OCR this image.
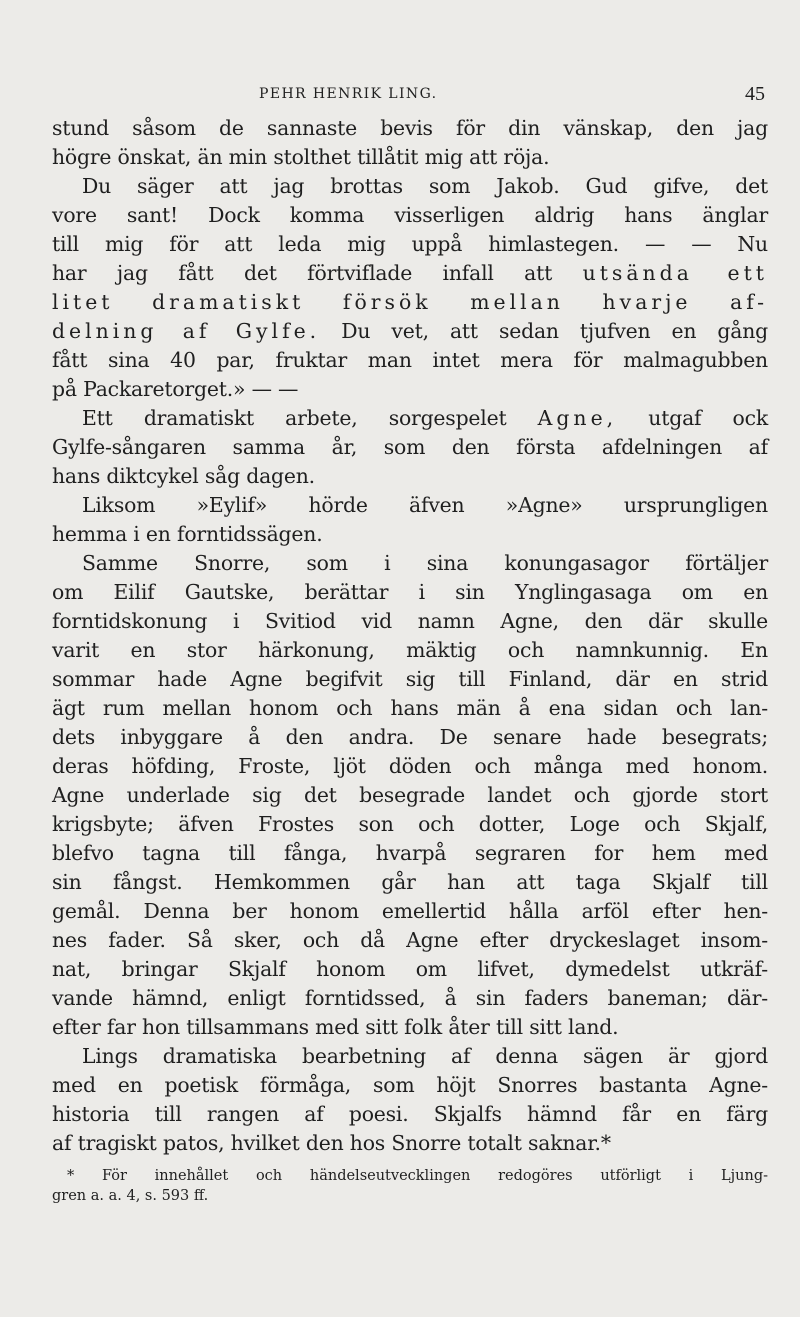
PEHR HENRIK LING.	45
stund såsom de sannaste bevis för din vänskap, den jag
högre önskat, än min stolthet tillåtit mig att röja.
Du säger att jag brottas som Jakob. Gud gifve, det
vore sant! Dock komma visserligen aldrig hans änglar
till mig för att leda mig uppå himlastegen. — — Nu
har jag fått det förtviflade infall att utsända ett
litet dramatiskt försök mellan hvarje af-
delning af Gylfe. Du vet, att sedan tjufven en gång
fått sina 40 par, fruktar man intet mera för malmagubben
på Packaretorget.» — —
Ett dramatiskt arbete, sorgespelet Agne, utgaf ock
Gylfe-sångaren samma år, som den första afdelningen af
hans diktcykel såg dagen.
Liksom »Eylif» hörde äfven »Agne» ursprungligen
hemma i en forntidssägen.
Samme Snorre, som i sina konungasagor förtäljer
om Eilif Gautske, berättar i sin Ynglingasaga om en
forntidskonung i Svitiod vid namn Agne, den där skulle
varit en stor härkonung, mäktig och namnkunnig. En
sommar hade Agne begifvit sig till Finland, där en strid
ägt rum mellan honom och hans män å ena sidan och lan-
dets inbyggare å den andra. De senare hade besegrats;
deras höfding, Froste, ljöt döden och många med honom.
Agne underlade sig det besegrade landet och gjorde stort
krigsbyte; äfven Frostes son och dotter, Loge och Skjalf,
blefvo tagna till fånga, hvarpå segraren for hem med
sin fångst. Hemkommen går han att taga Skjalf till
gemål. Denna ber honom emellertid hålla arföl efter hen-
nes fader. Så sker, och då Agne efter dryckeslaget insom-
nat, bringar Skjalf honom om lifvet, dymedelst utkräf-
vande hämnd, enligt forntidssed, å sin faders baneman; där-
efter far hon tillsammans med sitt folk åter till sitt land.
Lings dramatiska bearbetning af denna sägen är gjord
med en poetisk förmåga, som höjt Snorres bastanta Agne-
historia till rangen af poesi. Skjalfs hämnd får en färg
af tragiskt patos, hvilket den hos Snorre totalt saknar.*
* För innehållet och händelseutvecklingen redogöres utförligt i Ljung-
gren a. a. 4, s. 593 ff.
